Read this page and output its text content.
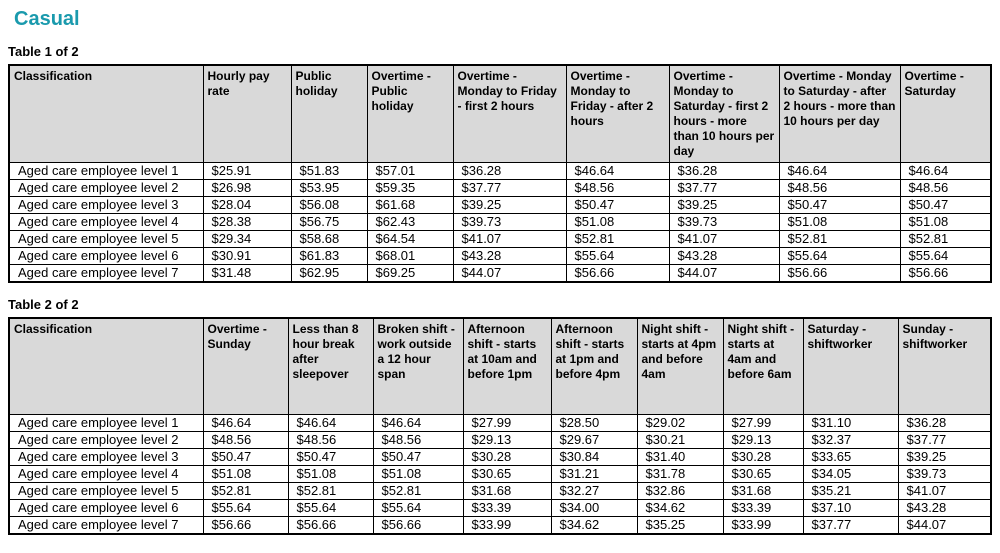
Casual
Table 1 of 2
Classification	Hourly pay rate	Public holiday	Overtime - Public holiday	Overtime - Monday to Friday - first 2 hours	Overtime - Monday to Friday - after 2 hours	Overtime - Monday to Saturday - first 2 hours - more than 10 hours per day	Overtime - Monday to Saturday - after 2 hours - more than 10 hours per day	Overtime - Saturday
Aged care employee level 1	$25.91	$51.83	$57.01	$36.28	$46.64	$36.28	$46.64	$46.64
Aged care employee level 2	$26.98	$53.95	$59.35	$37.77	$48.56	$37.77	$48.56	$48.56
Aged care employee level 3	$28.04	$56.08	$61.68	$39.25	$50.47	$39.25	$50.47	$50.47
Aged care employee level 4	$28.38	$56.75	$62.43	$39.73	$51.08	$39.73	$51.08	$51.08
Aged care employee level 5	$29.34	$58.68	$64.54	$41.07	$52.81	$41.07	$52.81	$52.81
Aged care employee level 6	$30.91	$61.83	$68.01	$43.28	$55.64	$43.28	$55.64	$55.64
Aged care employee level 7	$31.48	$62.95	$69.25	$44.07	$56.66	$44.07	$56.66	$56.66
Table 2 of 2
Classification	Overtime - Sunday	Less than 8 hour break after sleepover	Broken shift - work outside a 12 hour span	Afternoon shift - starts at 10am and before 1pm	Afternoon shift - starts at 1pm and before 4pm	Night shift - starts at 4pm and before 4am	Night shift - starts at 4am and before 6am	Saturday - shiftworker	Sunday - shiftworker
Aged care employee level 1	$46.64	$46.64	$46.64	$27.99	$28.50	$29.02	$27.99	$31.10	$36.28
Aged care employee level 2	$48.56	$48.56	$48.56	$29.13	$29.67	$30.21	$29.13	$32.37	$37.77
Aged care employee level 3	$50.47	$50.47	$50.47	$30.28	$30.84	$31.40	$30.28	$33.65	$39.25
Aged care employee level 4	$51.08	$51.08	$51.08	$30.65	$31.21	$31.78	$30.65	$34.05	$39.73
Aged care employee level 5	$52.81	$52.81	$52.81	$31.68	$32.27	$32.86	$31.68	$35.21	$41.07
Aged care employee level 6	$55.64	$55.64	$55.64	$33.39	$34.00	$34.62	$33.39	$37.10	$43.28
Aged care employee level 7	$56.66	$56.66	$56.66	$33.99	$34.62	$35.25	$33.99	$37.77	$44.07
